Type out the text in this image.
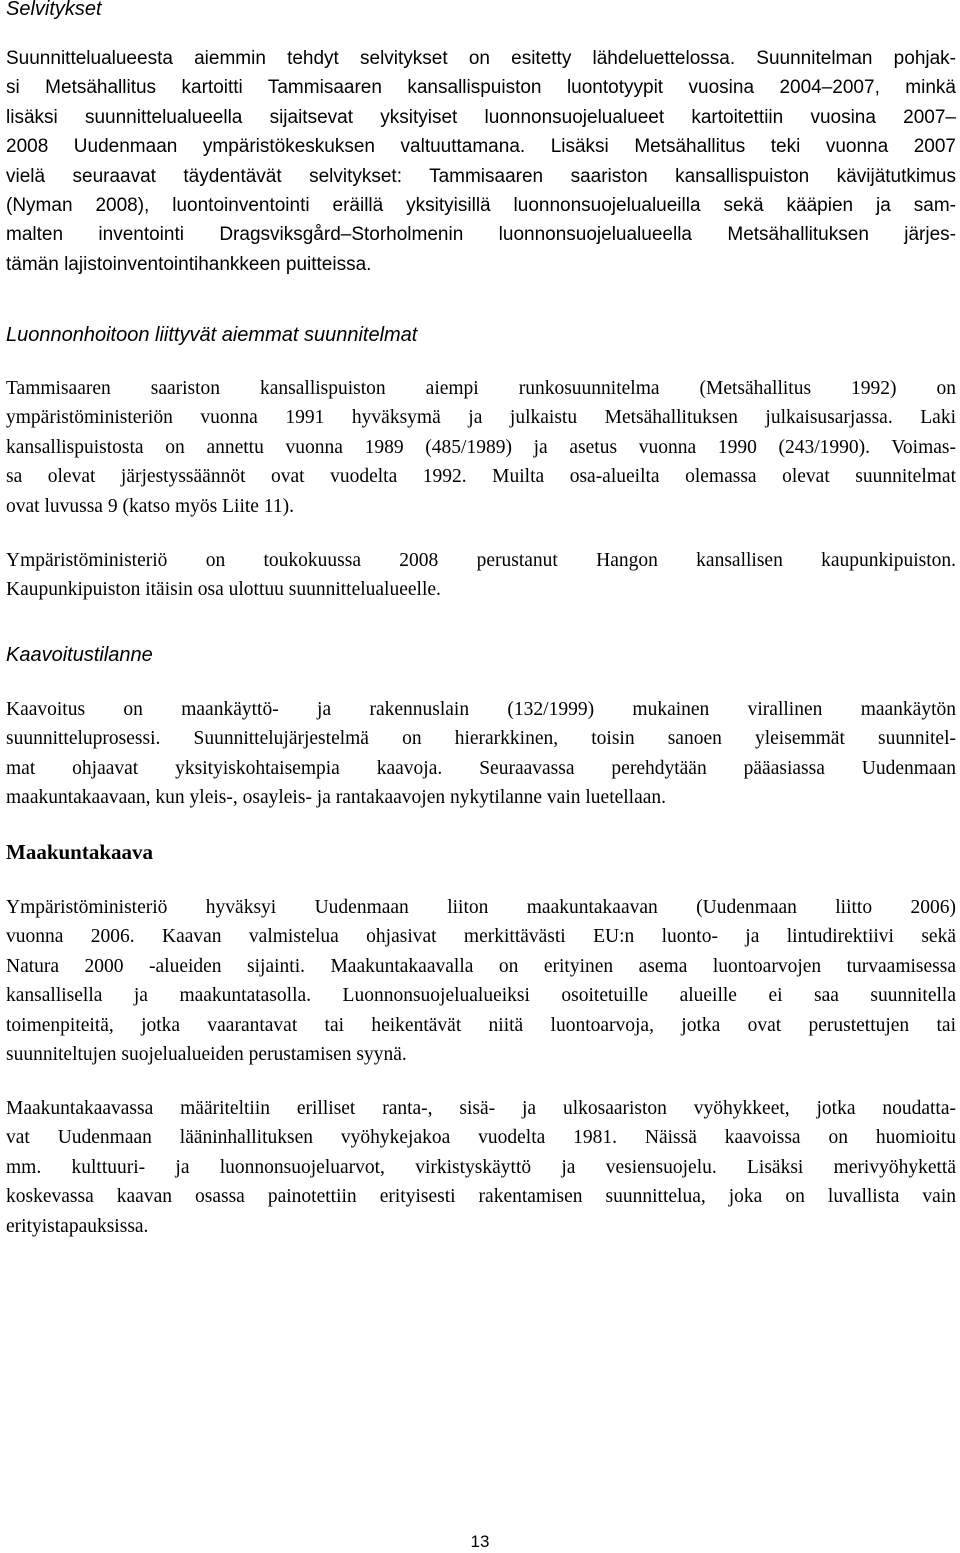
Selvitykset
Suunnittelualueesta aiemmin tehdyt selvitykset on esitetty lähdeluettelossa. Suunnitelman pohjak-
si Metsähallitus kartoitti Tammisaaren kansallispuiston luontotyypit vuosina 2004–2007, minkä
lisäksi suunnittelualueella sijaitsevat yksityiset luonnonsuojelualueet kartoitettiin vuosina 2007–
2008 Uudenmaan ympäristökeskuksen valtuuttamana. Lisäksi Metsähallitus teki vuonna 2007
vielä seuraavat täydentävät selvitykset: Tammisaaren saariston kansallispuiston kävijätutkimus
(Nyman 2008), luontoinventointi eräillä yksityisillä luonnonsuojelualueilla sekä kääpien ja sam-
malten inventointi Dragsviksgård–Storholmenin luonnonsuojelualueella Metsähallituksen järjes-
tämän lajistoinventointihankkeen puitteissa.
Luonnonhoitoon liittyvät aiemmat suunnitelmat
Tammisaaren saariston kansallispuiston aiempi runkosuunnitelma (Metsähallitus 1992) on
ympäristöministeriön vuonna 1991 hyväksymä ja julkaistu Metsähallituksen julkaisusarjassa. Laki
kansallispuistosta on annettu vuonna 1989 (485/1989) ja asetus vuonna 1990 (243/1990). Voimas-
sa olevat järjestyssäännöt ovat vuodelta 1992. Muilta osa-alueilta olemassa olevat suunnitelmat
ovat luvussa 9 (katso myös Liite 11).
Ympäristöministeriö on toukokuussa 2008 perustanut Hangon kansallisen kaupunkipuiston.
Kaupunkipuiston itäisin osa ulottuu suunnittelualueelle.
Kaavoitustilanne
Kaavoitus on maankäyttö- ja rakennuslain (132/1999) mukainen virallinen maankäytön
suunnitteluprosessi. Suunnittelujärjestelmä on hierarkkinen, toisin sanoen yleisemmät suunnitel-
mat ohjaavat yksityiskohtaisempia kaavoja. Seuraavassa perehdytään pääasiassa Uudenmaan
maakuntakaavaan, kun yleis-, osayleis- ja rantakaavojen nykytilanne vain luetellaan.
Maakuntakaava
Ympäristöministeriö hyväksyi Uudenmaan liiton maakuntakaavan (Uudenmaan liitto 2006)
vuonna 2006. Kaavan valmistelua ohjasivat merkittävästi EU:n luonto- ja lintudirektiivi sekä
Natura 2000 -alueiden sijainti. Maakuntakaavalla on erityinen asema luontoarvojen turvaamisessa
kansallisella ja maakuntatasolla. Luonnonsuojelualueiksi osoitetuille alueille ei saa suunnitella
toimenpiteitä, jotka vaarantavat tai heikentävät niitä luontoarvoja, jotka ovat perustettujen tai
suunniteltujen suojelualueiden perustamisen syynä.
Maakuntakaavassa määriteltiin erilliset ranta-, sisä- ja ulkosaariston vyöhykkeet, jotka noudatta-
vat Uudenmaan lääninhallituksen vyöhykejakoa vuodelta 1981. Näissä kaavoissa on huomioitu
mm. kulttuuri- ja luonnonsuojeluarvot, virkistyskäyttö ja vesiensuojelu. Lisäksi merivyöhykettä
koskevassa kaavan osassa painotettiin erityisesti rakentamisen suunnittelua, joka on luvallista vain
erityistapauksissa.
13
